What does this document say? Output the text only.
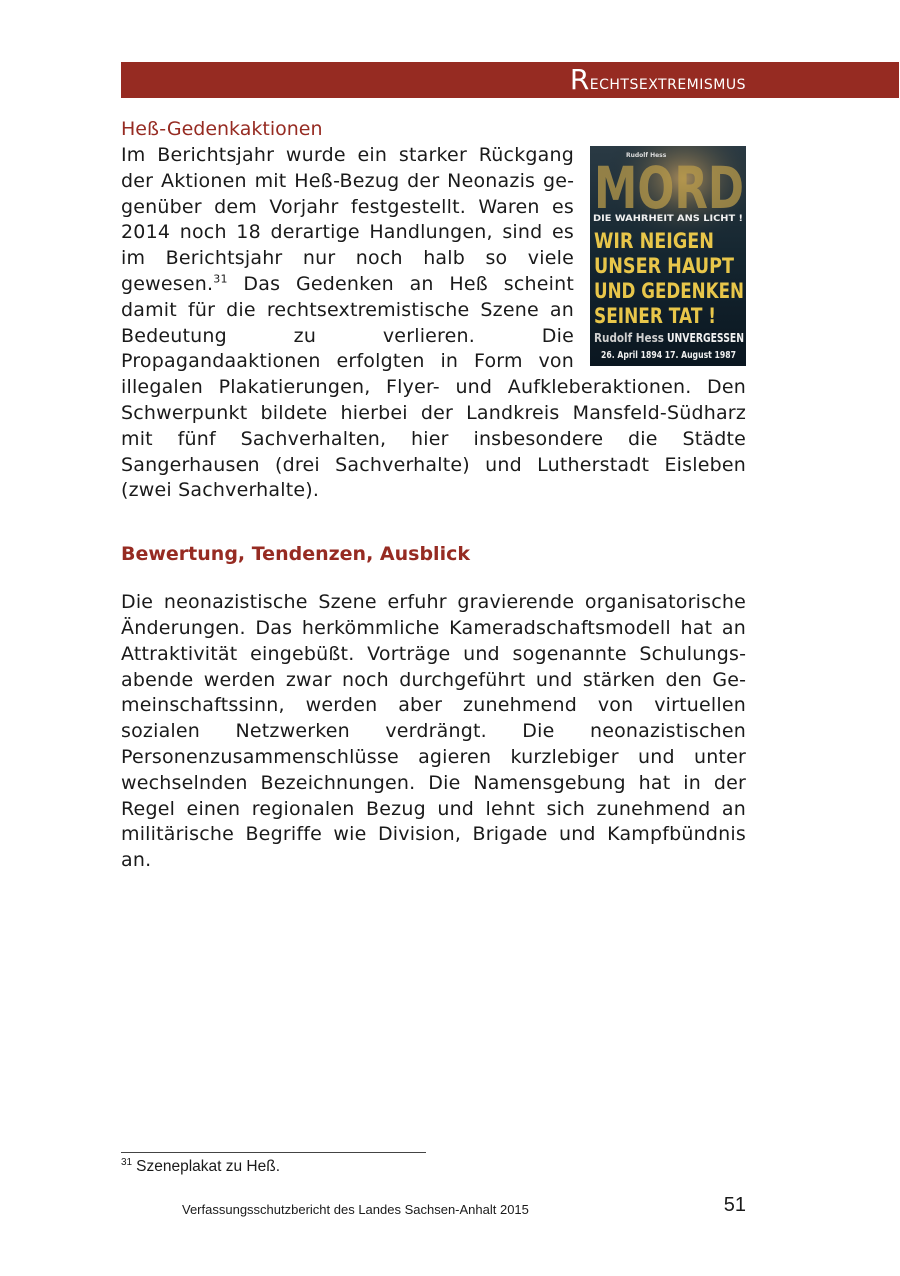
Rechtsextremismus
Heß-Gedenkaktionen
Rudolf Hess
MORD
DIE WAHRHEIT ANS LICHT !
WIR NEIGEN
UNSER HAUPT
UND GEDENKEN
SEINER TAT !
Rudolf Hess UNVERGESSEN
26. April 1894 17. August 1987

Im Berichtsjahr wurde ein starker Rückgang der Aktionen mit Heß-Bezug der Neonazis gegenüber dem Vorjahr festgestellt. Waren es 2014 noch 18 derartige Handlungen, sind es im Berichtsjahr nur noch halb so viele gewesen.$^{31}$ Das Gedenken an Heß scheint damit für die rechtsextremistische Szene an Bedeutung zu verlieren. Die Propagandaaktionen erfolgten in Form von illegalen Plakatierungen, Flyer- und Aufkleberaktionen. Den Schwerpunkt bildete hierbei der Landkreis Mansfeld-Südharz mit fünf Sachverhalten, hier insbesondere die Städte Sangerhausen (drei Sachverhalte) und Lutherstadt Eisleben (zwei Sachverhalte).

Bewertung, Tendenzen, Ausblick

Die neonazistische Szene erfuhr gravierende organisatorische Änderungen. Das herkömmliche Kameradschaftsmodell hat an Attraktivität eingebüßt. Vorträge und sogenannte Schulungsabende werden zwar noch durchgeführt und stärken den Gemeinschaftssinn, werden aber zunehmend von virtuellen sozialen Netzwerken verdrängt. Die neonazistischen Personenzusammenschlüsse agieren kurzlebiger und unter wechselnden Bezeichnungen. Die Namensgebung hat in der Regel einen regionalen Bezug und lehnt sich zunehmend an militärische Begriffe wie Division, Brigade und Kampfbündnis an.

$^{31}$ Szeneplakat zu Heß.
Verfassungsschutzbericht des Landes Sachsen-Anhalt 2015	51
